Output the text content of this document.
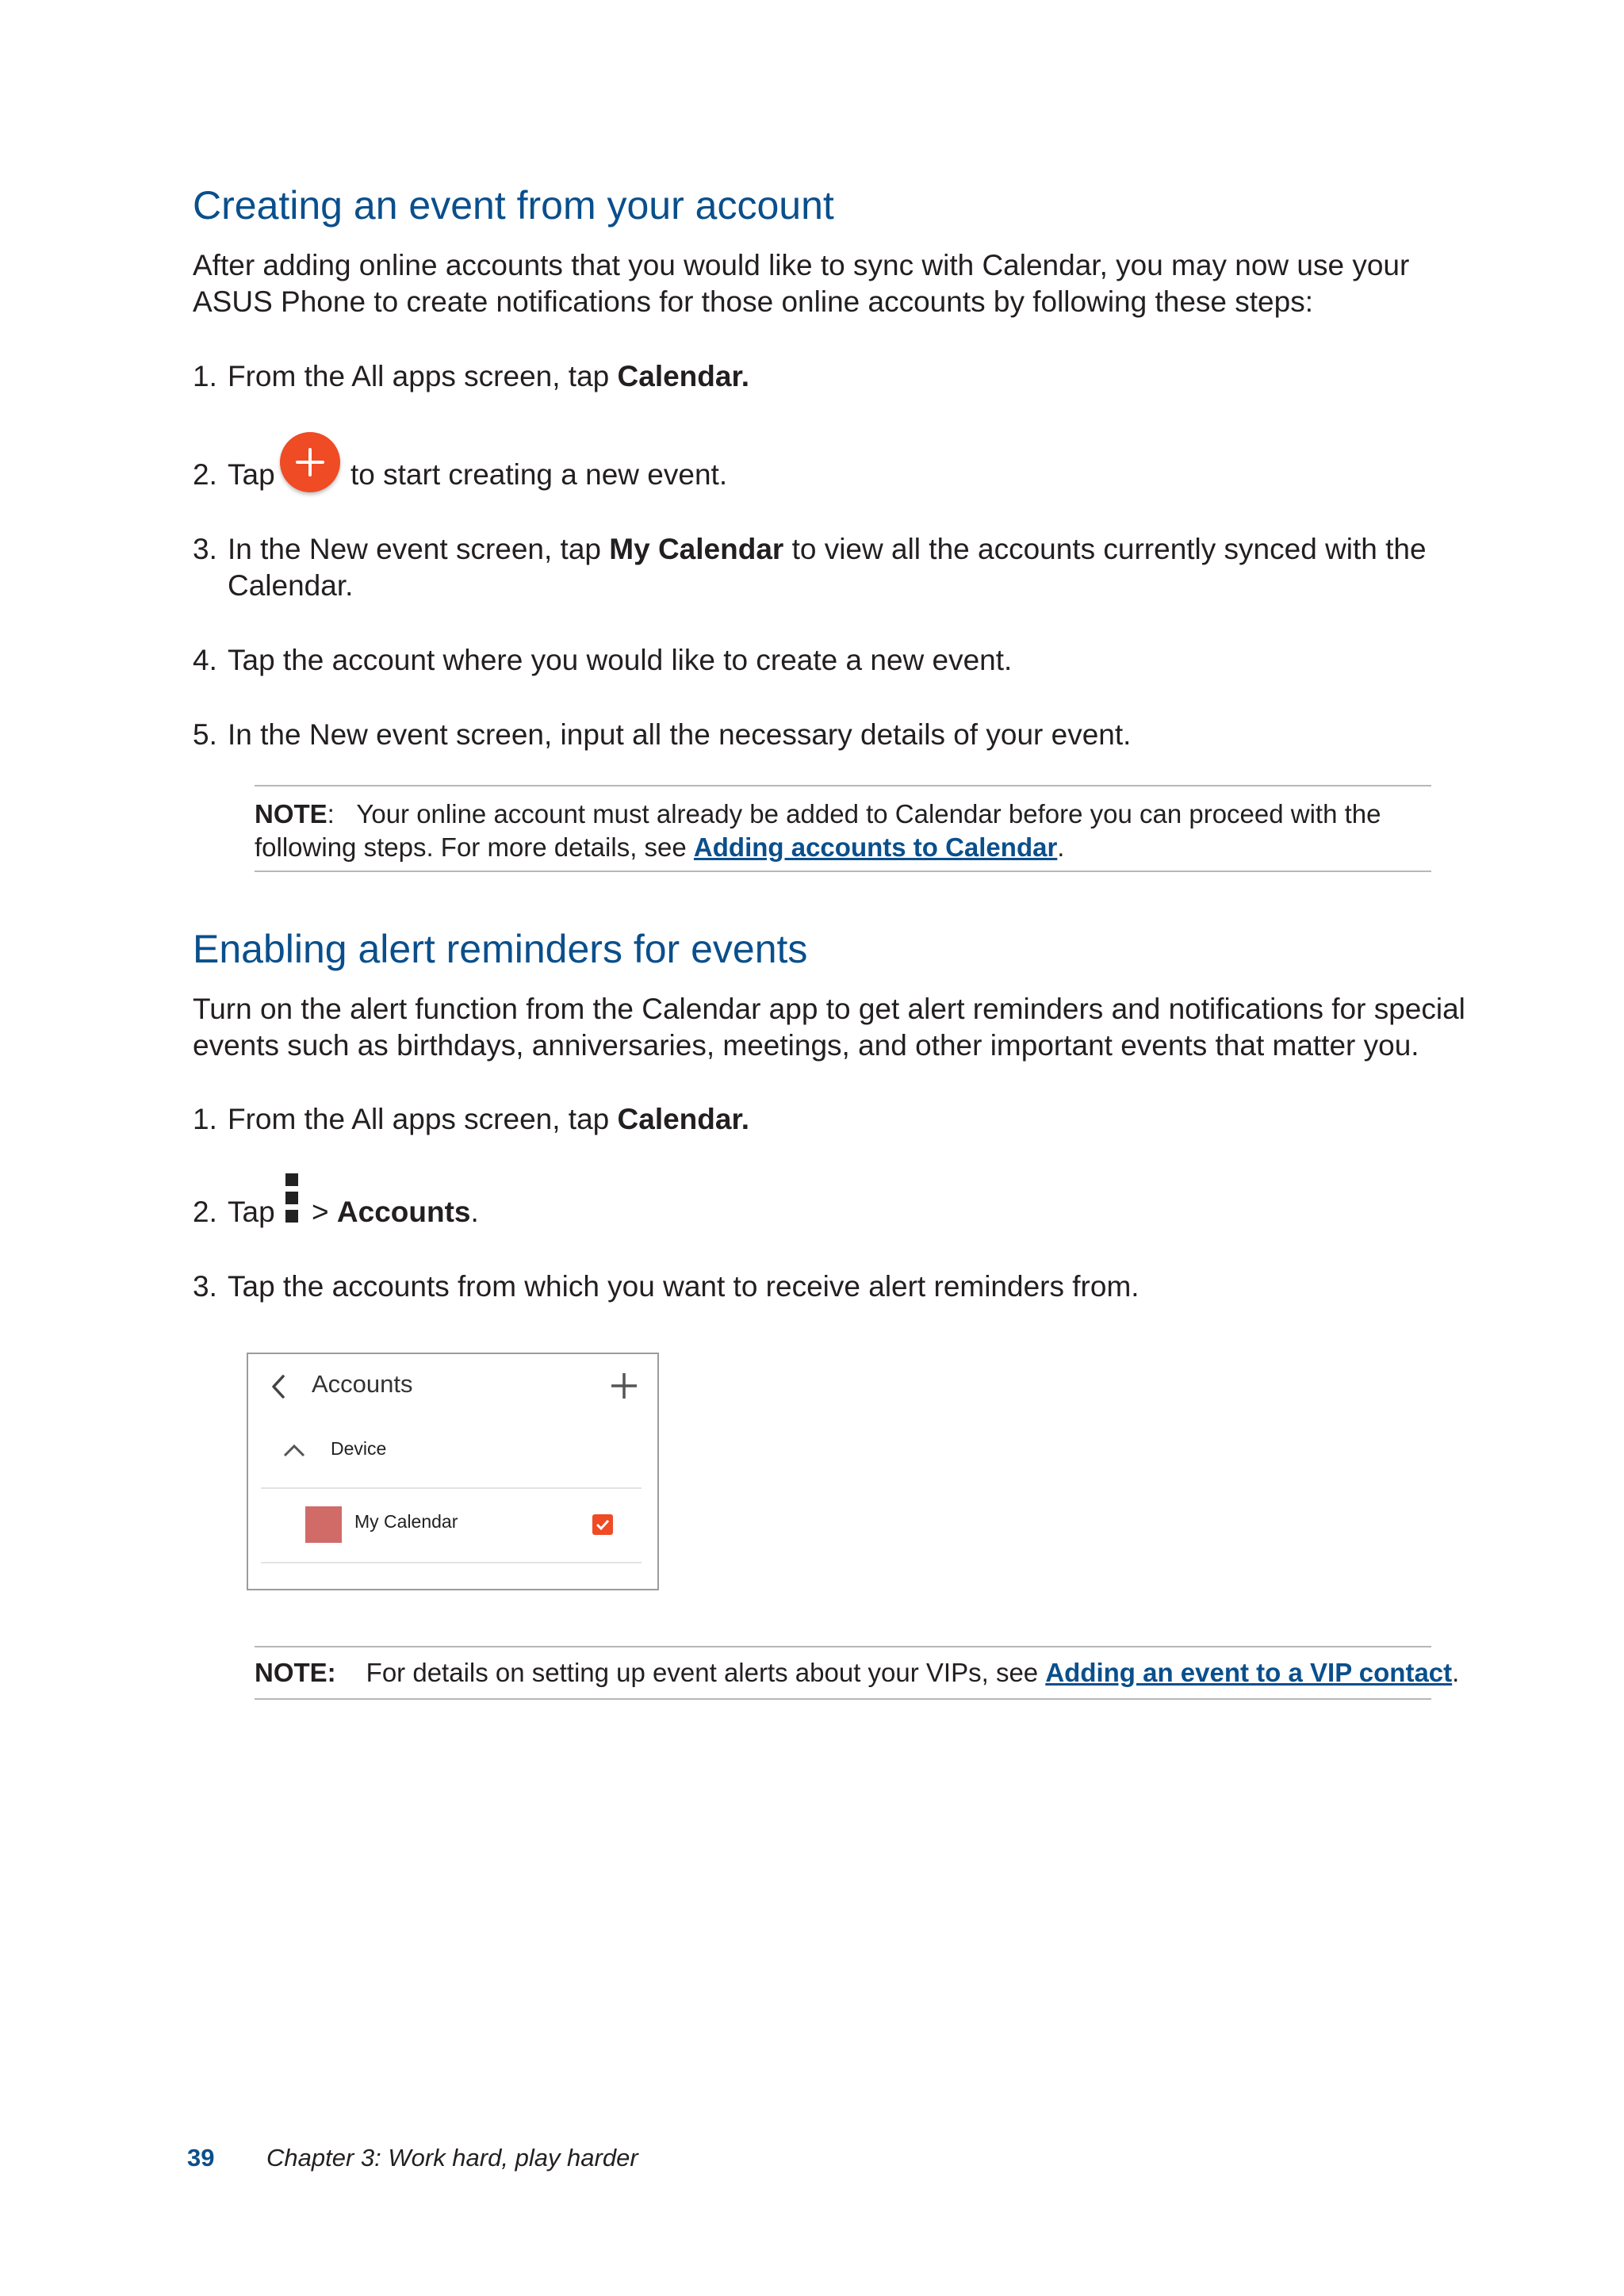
Creating an event from your account
After adding online accounts that you would like to sync with Calendar, you may now use your
ASUS Phone to create notifications for those online accounts by following these steps:
1. From the All apps screen, tap Calendar.
2. Tap	to start creating a new event.
3. In the New event screen, tap My Calendar to view all the accounts currently synced with the
Calendar.
4. Tap the account where you would like to create a new event.
5. In the New event screen, input all the necessary details of your event.
NOTE: Your online account must already be added to Calendar before you can proceed with the
following steps. For more details, see Adding accounts to Calendar.
Enabling alert reminders for events
Turn on the alert function from the Calendar app to get alert reminders and notifications for special
events such as birthdays, anniversaries, meetings, and other important events that matter you.
1. From the All apps screen, tap Calendar.
2. Tap > Accounts.
3. Tap the accounts from which you want to receive alert reminders from.
Accounts
Device
My Calendar
NOTE: For details on setting up event alerts about your VIPs, see Adding an event to a VIP contact.
39 Chapter 3: Work hard, play harder
